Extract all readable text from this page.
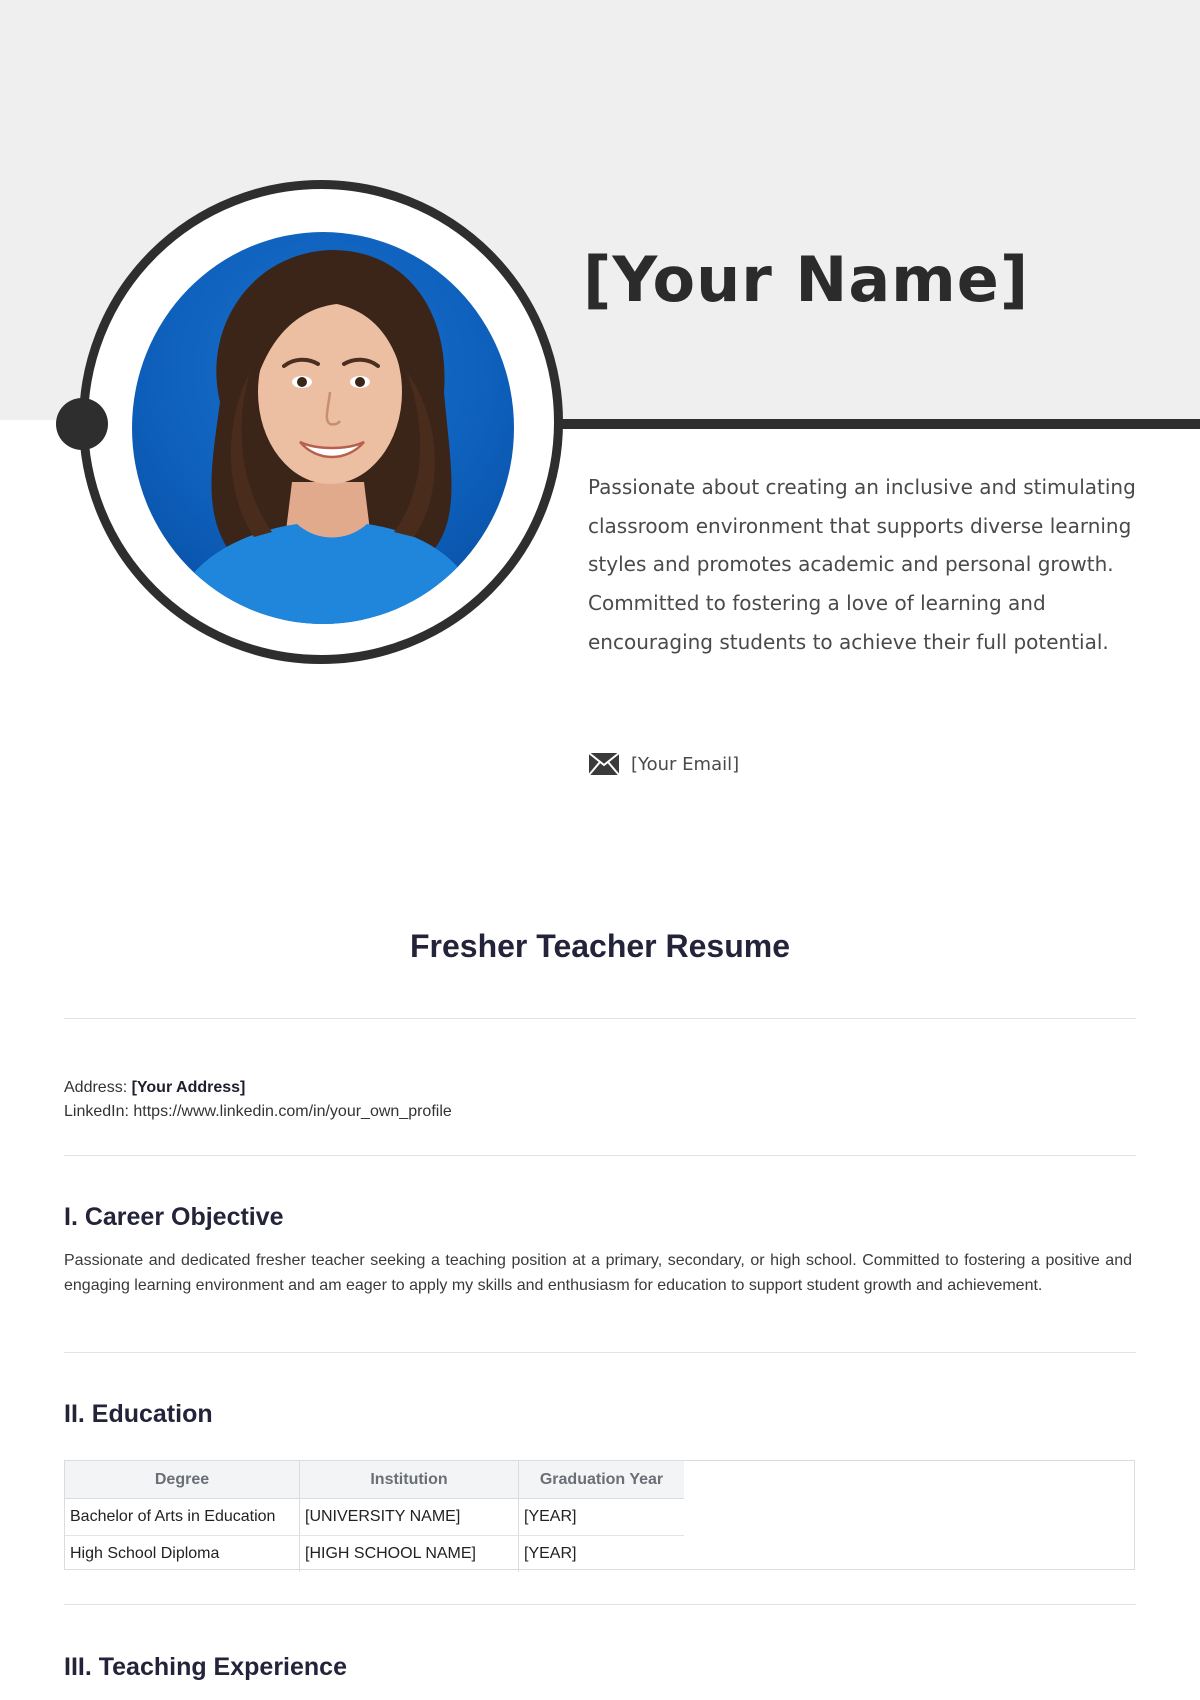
[Your Name]

Passionate about creating an inclusive and stimulating classroom environment that supports diverse learning styles and promotes academic and personal growth. Committed to fostering a love of learning and encouraging students to achieve their full potential.

[Your Email]
Fresher Teacher Resume
Address: [Your Address]
LinkedIn: https://www.linkedin.com/in/your_own_profile
I. Career Objective

Passionate and dedicated fresher teacher seeking a teaching position at a primary, secondary, or high school. Committed to fostering a positive and engaging learning environment and am eager to apply my skills and enthusiasm for education to support student growth and achievement.

II. Education
Degree	Institution	Graduation Year
Bachelor of Arts in Education	[UNIVERSITY NAME]	[YEAR]
High School Diploma	[HIGH SCHOOL NAME]	[YEAR]
III. Teaching Experience
